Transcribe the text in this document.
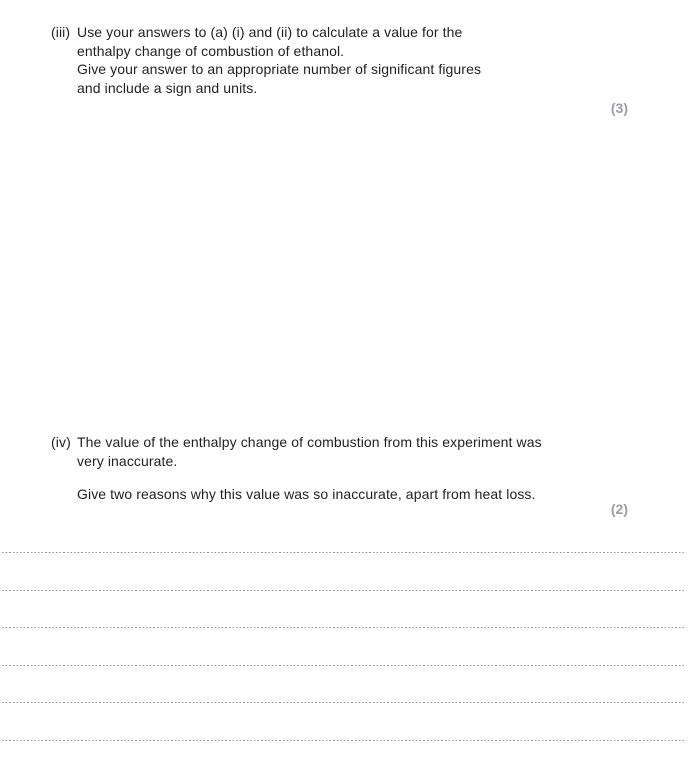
(iii) Use your answers to (a) (i) and (ii) to calculate a value for the
enthalpy change of combustion of ethanol.
Give your answer to an appropriate number of significant figures
and include a sign and units.
(3)
(iv) The value of the enthalpy change of combustion from this experiment was
very inaccurate.
Give two reasons why this value was so inaccurate, apart from heat loss.
(2)
